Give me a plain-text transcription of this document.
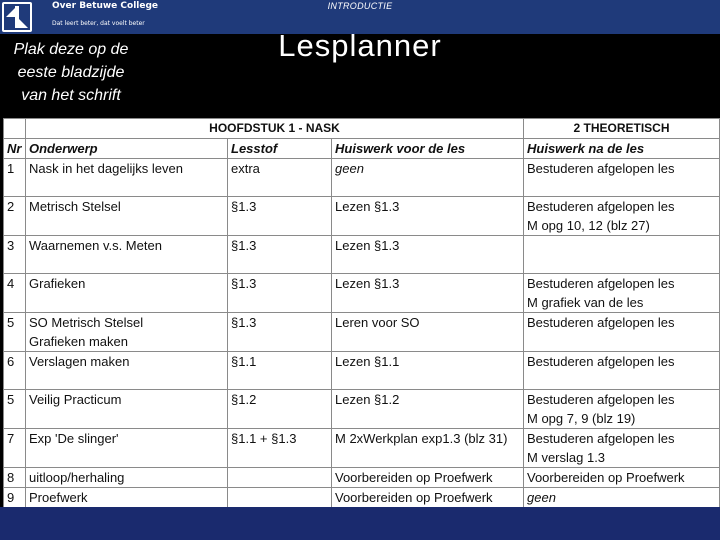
Over Betuwe College
Dat leert beter, dat voelt beter
INTRODUCTIE
Plak deze op de
eeste bladzijde
van het schrift
Lesplanner
	HOOFDSTUK 1 - NASK			2 THEORETISCH
Nr	Onderwerp	Lesstof	Huiswerk voor de les	Huiswerk na de les
1	Nask in het dagelijks leven	extra	geen	Bestuderen afgelopen les

2	Metrisch Stelsel	§1.3	Lezen §1.3	Bestuderen afgelopen les
M opg 10, 12 (blz 27)

3	Waarnemen v.s. Meten	§1.3	Lezen §1.3	

4	Grafieken	§1.3	Lezen §1.3	Bestuderen afgelopen les
M grafiek van de les

5	SO Metrisch Stelsel
Grafieken maken	§1.3	Leren voor SO	Bestuderen afgelopen les

6	Verslagen maken	§1.1	Lezen §1.1	Bestuderen afgelopen les

5	Veilig Practicum	§1.2	Lezen §1.2	Bestuderen afgelopen les
M opg 7, 9 (blz 19)

7	Exp 'De slinger'	§1.1 + §1.3	M 2xWerkplan exp1.3 (blz 31)	Bestuderen afgelopen les
M verslag 1.3

8	uitloop/herhaling		Voorbereiden op Proefwerk	Voorbereiden op Proefwerk

9	Proefwerk		Voorbereiden op Proefwerk	geen
